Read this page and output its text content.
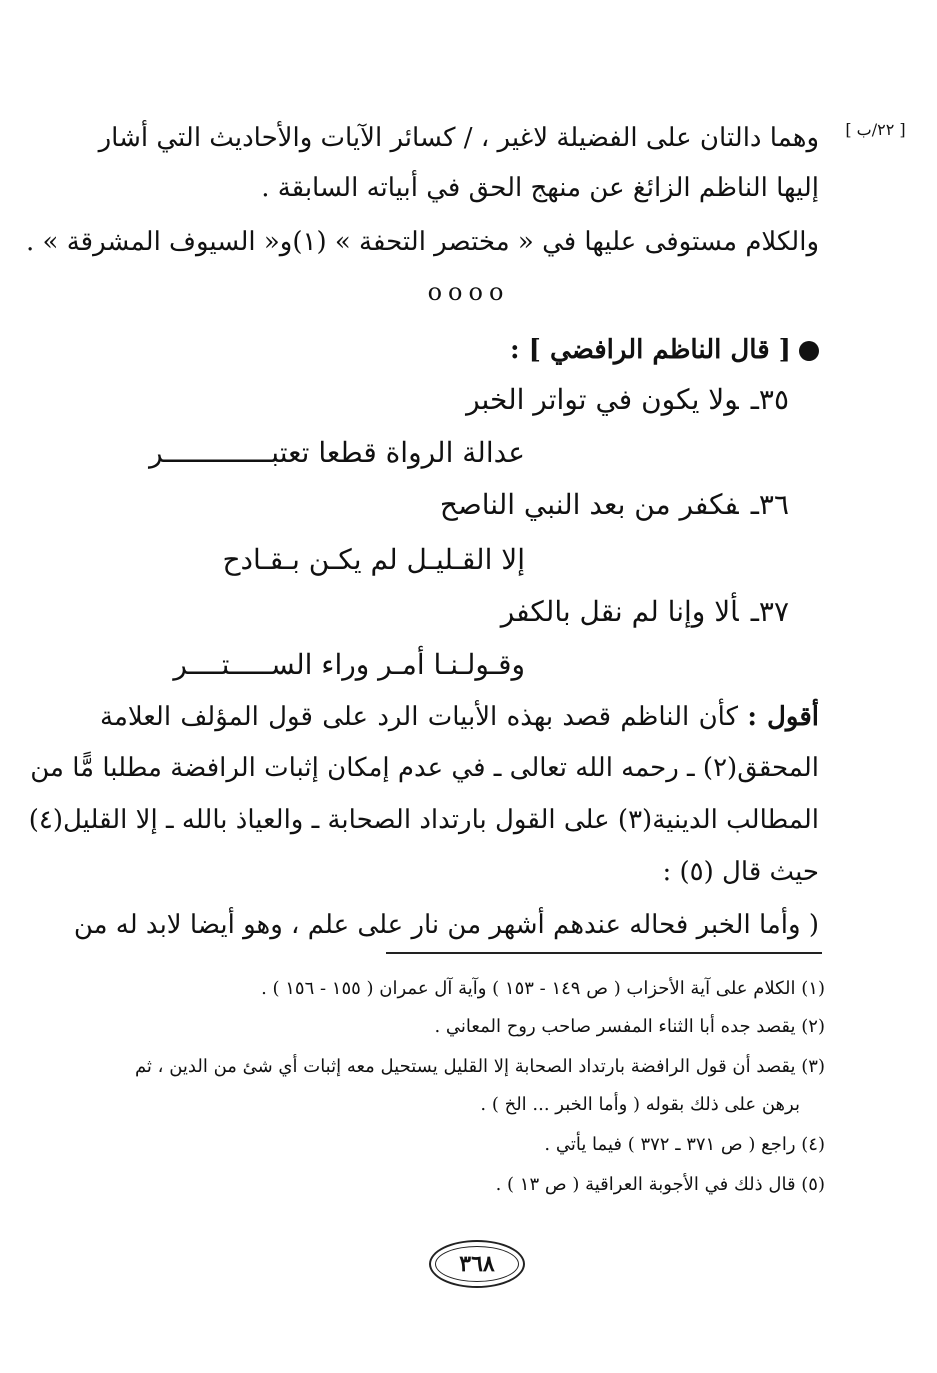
[ ٢٢/ب ]
وهما دالتان على الفضيلة لاغير ، / كسائر الآيات والأحاديث التي أشار
إليها الناظم الزائغ عن منهج الحق في أبياته السابقة .
والكلام مستوفى عليها في « مختصر التحفة » (١)و« السيوف المشرقة » .
oooo
[ قال الناظم الرافضي ] :
٣٥ـولا يكون في تواتر الخبر
عدالة الرواة قطعا تعتبـــــــــــــر
٣٦ـفكفر من بعد النبي الناصح
إلا القـليـل لم يكـن بـقـادح
٣٧ـألا وإنا لم نقل بالكفر
وقـولـنـا أمـر وراء الســـــتــــر
أقول : كأن الناظم قصد بهذه الأبيات الرد على قول المؤلف العلامة
المحقق(٢) ـ رحمه الله تعالى ـ في عدم إمكان إثبات الرافضة مطلبا مًّا من
المطالب الدينية(٣) على القول بارتداد الصحابة ـ والعياذ بالله ـ إلا القليل(٤)
حيث قال (٥) :
( وأما الخبر فحاله عندهم أشهر من نار على علم ، وهو أيضا لابد له من
(١) الكلام على آية الأحزاب ( ص ١٤٩ - ١٥٣ ) وآية آل عمران ( ١٥٥ - ١٥٦ ) .
(٢) يقصد جده أبا الثناء المفسر صاحب روح المعاني .
(٣) يقصد أن قول الرافضة بارتداد الصحابة إلا القليل يستحيل معه إثبات أي شئ من الدين ، ثم
برهن على ذلك بقوله ( وأما الخبر ... الخ ) .
(٤) راجع ( ص ٣٧١ ـ ٣٧٢ ) فيما يأتي .
(٥) قال ذلك في الأجوبة العراقية ( ص ١٣ ) .
٣٦٨
